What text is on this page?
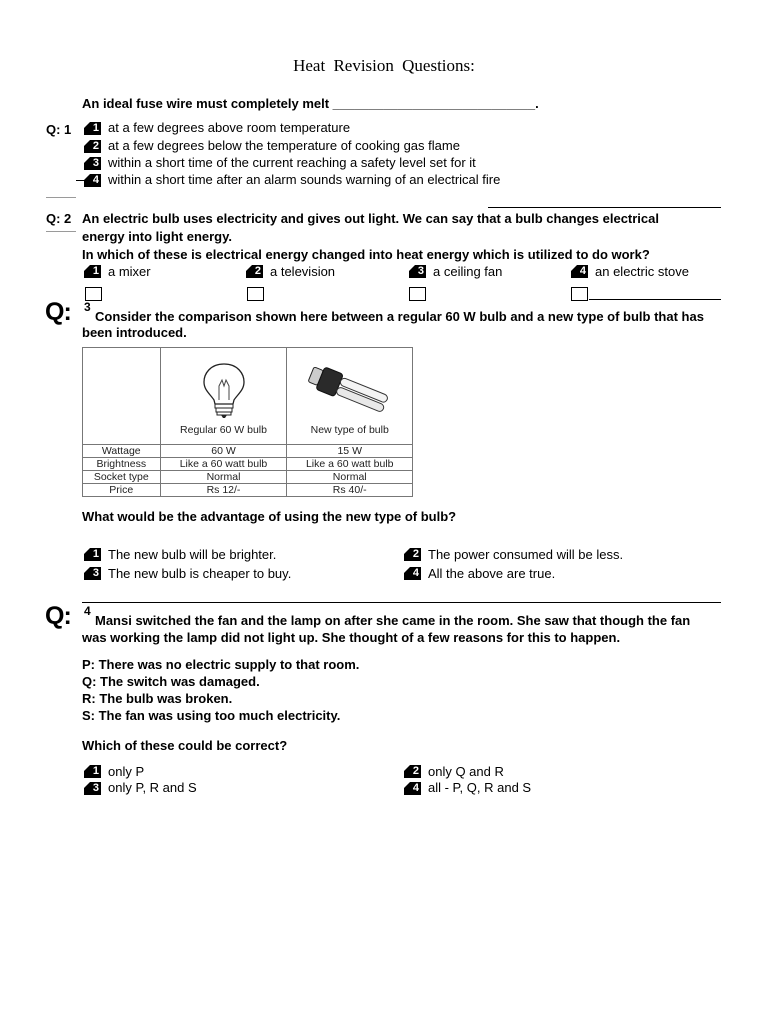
Heat Revision Questions:
An ideal fuse wire must completely melt ____________________________.
Q: 1	1 at a few degrees above room temperature
2 at a few degrees below the temperature of cooking gas flame
3 within a short time of the current reaching a safety level set for it
4 within a short time after an alarm sounds warning of an electrical fire
Q: 2 An electric bulb uses electricity and gives out light. We can say that a bulb changes electrical
energy into light energy.
In which of these is electrical energy changed into heat energy which is utilized to do work?
1 a mixer	2 a television	3 a ceiling fan	4 an electric stove
Q: 3
Consider the comparison shown here between a regular 60 W bulb and a new type of bulb that has
been introduced.

	Regular 60 W bulb	New type of bulb

Wattage	60 W	15 W
Brightness	Like a 60 watt bulb	Like a 60 watt bulb
Socket type	Normal	Normal
Price	Rs 12/-	Rs 40/-
What would be the advantage of using the new type of bulb?
1 The new bulb will be brighter.	2 The power consumed will be less.
3 The new bulb is cheaper to buy.	4 All the above are true.
Q: 4
Mansi switched the fan and the lamp on after she came in the room. She saw that though the fan
was working the lamp did not light up. She thought of a few reasons for this to happen.
P: There was no electric supply to that room.
Q: The switch was damaged.
R: The bulb was broken.
S: The fan was using too much electricity.
Which of these could be correct?
1 only P	2 only Q and R
3 only P, R and S	4 all - P, Q, R and S
